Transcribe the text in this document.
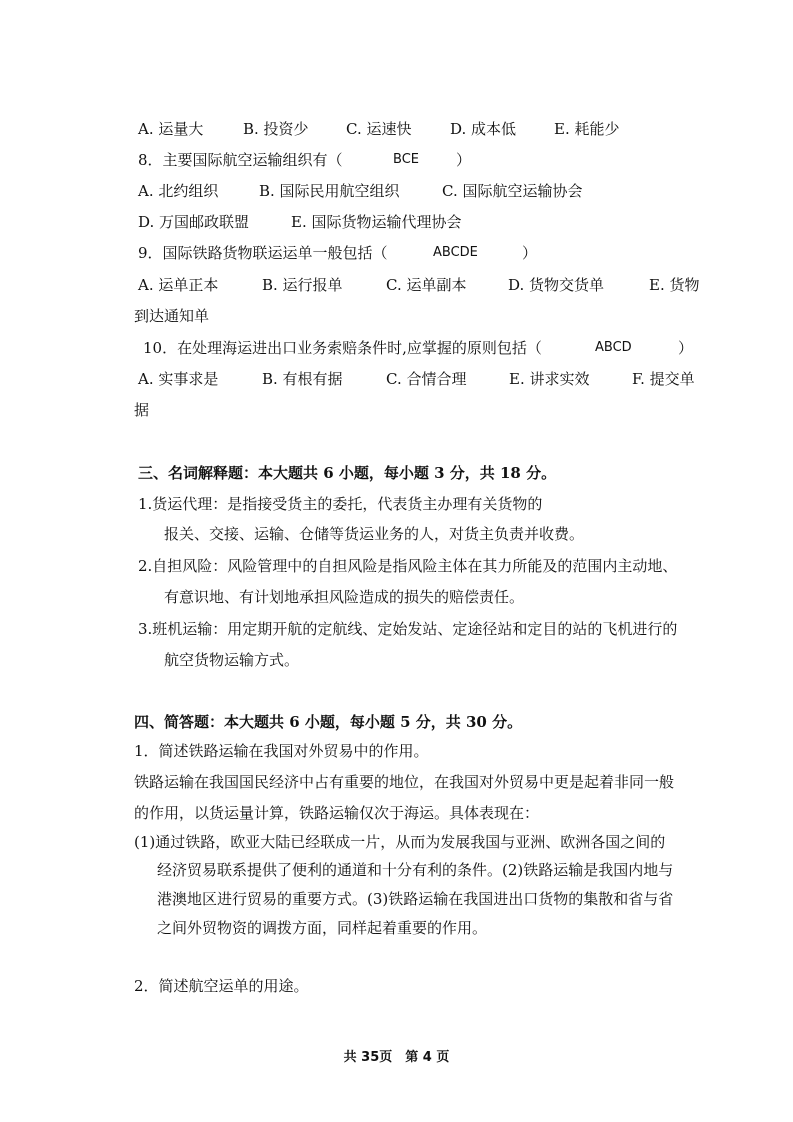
A. 运量大	B. 投资少 C. 运速快	D. 成本低	E. 耗能少
8．主要国际航空运输组织有（	BCE ）
A. 北约组织	B. 国际民用航空组织	C. 国际航空运输协会
D. 万国邮政联盟	E. 国际货物运输代理协会
9．国际铁路货物联运运单一般包括（	ABCDE	）
A. 运单正本	B. 运行报单	C. 运单副本	D. 货物交货单	E. 货物
到达通知单
10．在处理海运进出口业务索赔条件时,应掌握的原则包括（	ABCD	）
A. 实事求是	B. 有根有据	C. 合情合理	E. 讲求实效	F. 提交单
据
三、名词解释题：本大题共 6 小题，每小题 3 分，共 18 分。
1.货运代理：是指接受货主的委托，代表货主办理有关货物的
报关、交接、运输、仓储等货运业务的人，对货主负责并收费。
2.自担风险：风险管理中的自担风险是指风险主体在其力所能及的范围内主动地、
有意识地、有计划地承担风险造成的损失的赔偿责任。
3.班机运输：用定期开航的定航线、定始发站、定途径站和定目的站的飞机进行的
航空货物运输方式。
四、简答题：本大题共 6 小题，每小题 5 分，共 30 分。
1．简述铁路运输在我国对外贸易中的作用。
铁路运输在我国国民经济中占有重要的地位，在我国对外贸易中更是起着非同一般
的作用，以货运量计算，铁路运输仅次于海运。具体表现在：
(1)通过铁路，欧亚大陆已经联成一片，从而为发展我国与亚洲、欧洲各国之间的
经济贸易联系提供了便利的通道和十分有利的条件。(2)铁路运输是我国内地与
港澳地区进行贸易的重要方式。(3)铁路运输在我国进出口货物的集散和省与省
之间外贸物资的调拨方面，同样起着重要的作用。
2．简述航空运单的用途。
共 35页　第 4 页
